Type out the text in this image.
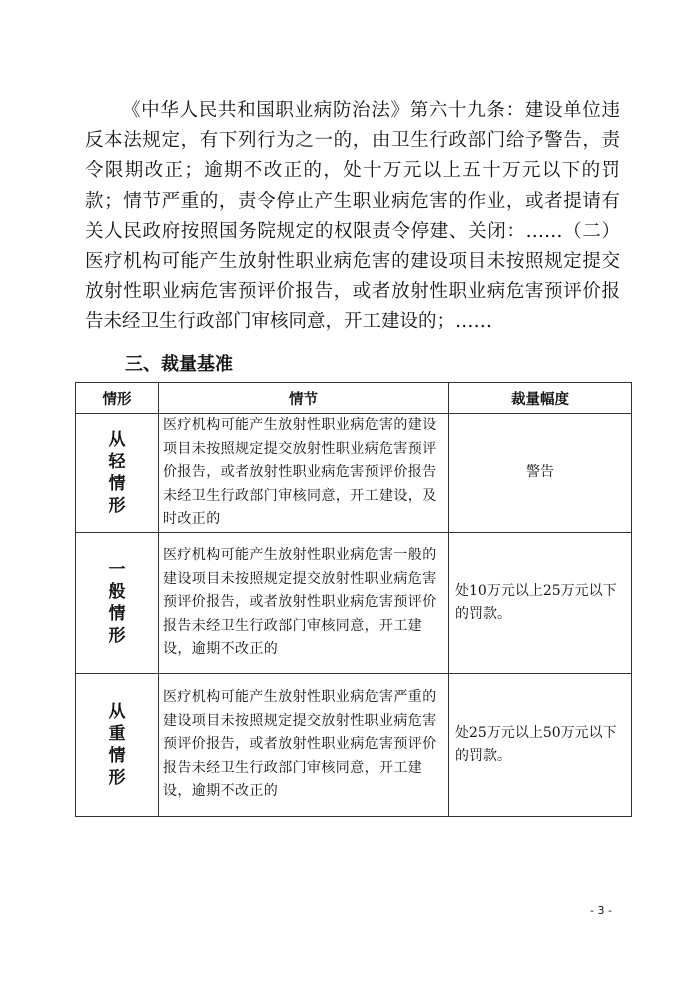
《中华人民共和国职业病防治法》第六十九条：建设单位违反本法规定，有下列行为之一的，由卫生行政部门给予警告，责令限期改正；逾期不改正的，处十万元以上五十万元以下的罚款；情节严重的，责令停止产生职业病危害的作业，或者提请有关人民政府按照国务院规定的权限责令停建、关闭：……（二）医疗机构可能产生放射性职业病危害的建设项目未按照规定提交放射性职业病危害预评价报告，或者放射性职业病危害预评价报告未经卫生行政部门审核同意，开工建设的；……

三、裁量基准
情形	情节	裁量幅度
从轻情形	医疗机构可能产生放射性职业病危害的建设项目未按照规定提交放射性职业病危害预评价报告，或者放射性职业病危害预评价报告未经卫生行政部门审核同意，开工建设，及时改正的	警告
一般情形	医疗机构可能产生放射性职业病危害一般的建设项目未按照规定提交放射性职业病危害预评价报告，或者放射性职业病危害预评价报告未经卫生行政部门审核同意，开工建设，逾期不改正的	处10万元以上25万元以下的罚款。
从重情形	医疗机构可能产生放射性职业病危害严重的建设项目未按照规定提交放射性职业病危害预评价报告，或者放射性职业病危害预评价报告未经卫生行政部门审核同意，开工建设，逾期不改正的	处25万元以上50万元以下的罚款。
- 3 -
